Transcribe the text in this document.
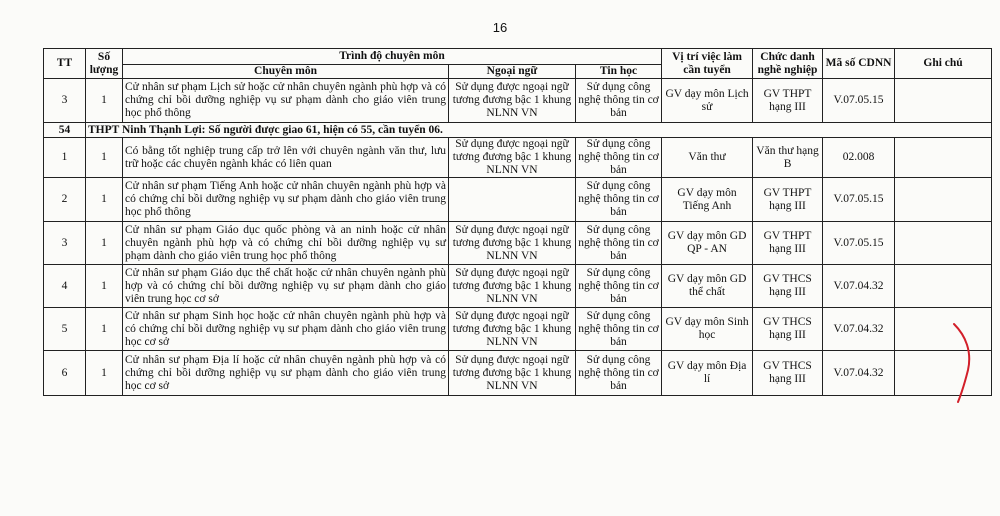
16
TT	Số lượng	Trình độ chuyên môn			Vị trí việc làm cần tuyển	Chức danh nghề nghiệp	Mã số CDNN	Ghi chú
		Chuyên môn	Ngoại ngữ	Tin học				
3	1	Cử nhân sư phạm Lịch sử hoặc cử nhân chuyên ngành phù hợp và có chứng chỉ bồi dưỡng nghiệp vụ sư phạm dành cho giáo viên trung học phổ thông	Sử dụng được ngoại ngữ tương đương bậc 1 khung NLNN VN	Sử dụng công nghệ thông tin cơ bản	GV dạy môn Lịch sử	GV THPT hạng III	V.07.05.15	
54	THPT Ninh Thạnh Lợi: Số người được giao 61, hiện có 55, cần tuyển 06.							
1	1	Có bằng tốt nghiệp trung cấp trở lên với chuyên ngành văn thư, lưu trữ hoặc các chuyên ngành khác có liên quan	Sử dụng được ngoại ngữ tương đương bậc 1 khung NLNN VN	Sử dụng công nghệ thông tin cơ bản	Văn thư	Văn thư hạng B	02.008	
2	1	Cử nhân sư phạm Tiếng Anh hoặc cử nhân chuyên ngành phù hợp và có chứng chỉ bồi dưỡng nghiệp vụ sư phạm dành cho giáo viên trung học phổ thông		Sử dụng công nghệ thông tin cơ bản	GV dạy môn Tiếng Anh	GV THPT hạng III	V.07.05.15	
3	1	Cử nhân sư phạm Giáo dục quốc phòng và an ninh hoặc cử nhân chuyên ngành phù hợp và có chứng chỉ bồi dưỡng nghiệp vụ sư phạm dành cho giáo viên trung học phổ thông	Sử dụng được ngoại ngữ tương đương bậc 1 khung NLNN VN	Sử dụng công nghệ thông tin cơ bản	GV dạy môn GD QP - AN	GV THPT hạng III	V.07.05.15	
4	1	Cử nhân sư phạm Giáo dục thể chất hoặc cử nhân chuyên ngành phù hợp và có chứng chỉ bồi dưỡng nghiệp vụ sư phạm dành cho giáo viên trung học cơ sở	Sử dụng được ngoại ngữ tương đương bậc 1 khung NLNN VN	Sử dụng công nghệ thông tin cơ bản	GV dạy môn GD thể chất	GV THCS hạng III	V.07.04.32	
5	1	Cử nhân sư phạm Sinh học hoặc cử nhân chuyên ngành phù hợp và có chứng chỉ bồi dưỡng nghiệp vụ sư phạm dành cho giáo viên trung học cơ sở	Sử dụng được ngoại ngữ tương đương bậc 1 khung NLNN VN	Sử dụng công nghệ thông tin cơ bản	GV dạy môn Sinh học	GV THCS hạng III	V.07.04.32	
6	1	Cử nhân sư phạm Địa lí hoặc cử nhân chuyên ngành phù hợp và có chứng chỉ bồi dưỡng nghiệp vụ sư phạm dành cho giáo viên trung học cơ sở	Sử dụng được ngoại ngữ tương đương bậc 1 khung NLNN VN	Sử dụng công nghệ thông tin cơ bản	GV dạy môn Địa lí	GV THCS hạng III	V.07.04.32	
